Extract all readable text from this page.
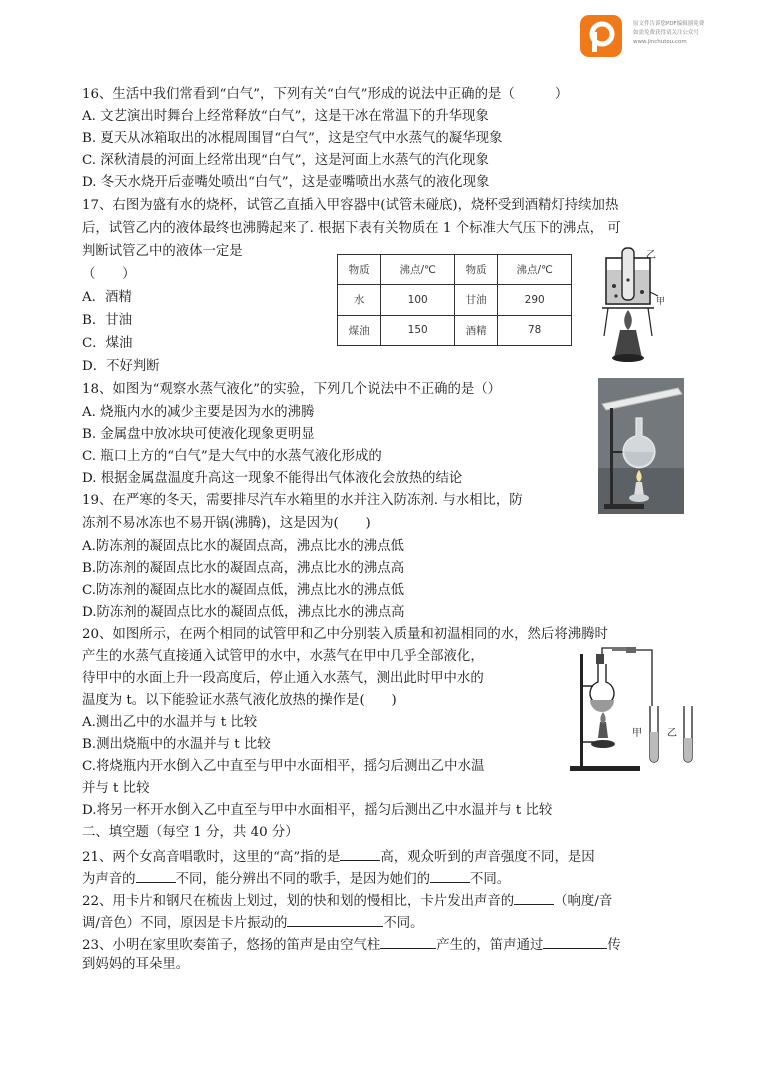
原文件告诉您PDF编辑器免费
如需免费获得请关注公众号
www.jinchutou.com
16、生活中我们常看到“白气”，下列有关“白气”形成的说法中正确的是（　　　）
A. 文艺演出时舞台上经常释放“白气”，这是干冰在常温下的升华现象
B. 夏天从冰箱取出的冰棍周围冒“白气”，这是空气中水蒸气的凝华现象
C. 深秋清晨的河面上经常出现“白气”，这是河面上水蒸气的汽化现象
D. 冬天水烧开后壶嘴处喷出“白气”，这是壶嘴喷出水蒸气的液化现象
17、右图为盛有水的烧杯，试管乙直插入甲容器中(试管未碰底)，烧杯受到酒精灯持续加热
后，试管乙内的液体最终也沸腾起来了. 根据下表有关物质在 1 个标准大气压下的沸点， 可
判断试管乙中的液体一定是
（　　）
A．酒精
B．甘油
C．煤油
D．不好判断
18、如图为“观察水蒸气液化”的实验，下列几个说法中不正确的是（）
A. 烧瓶内水的减少主要是因为水的沸腾
B. 金属盘中放冰块可使液化现象更明显
C. 瓶口上方的“白气”是大气中的水蒸气液化形成的
D. 根据金属盘温度升高这一现象不能得出气体液化会放热的结论
19、在严寒的冬天，需要排尽汽车水箱里的水并注入防冻剂. 与水相比，防
冻剂不易冰冻也不易开锅(沸腾)，这是因为(　　)
A.防冻剂的凝固点比水的凝固点高，沸点比水的沸点低
B.防冻剂的凝固点比水的凝固点高，沸点比水的沸点高
C.防冻剂的凝固点比水的凝固点低，沸点比水的沸点低
D.防冻剂的凝固点比水的凝固点低，沸点比水的沸点高
20、如图所示，在两个相同的试管甲和乙中分别装入质量和初温相同的水，然后将沸腾时
产生的水蒸气直接通入试管甲的水中，水蒸气在甲中几乎全部液化，
待甲中的水面上升一段高度后，停止通入水蒸气，测出此时甲中水的
温度为 t。以下能验证水蒸气液化放热的操作是(　　)
A.测出乙中的水温并与 t 比较
B.测出烧瓶中的水温并与 t 比较
C.将烧瓶内开水倒入乙中直至与甲中水面相平，摇匀后测出乙中水温
并与 t 比较
D.将另一杯开水倒入乙中直至与甲中水面相平，摇匀后测出乙中水温并与 t 比较
二、填空题（每空 1 分，共 40 分）
21、两个女高音唱歌时，这里的“高”指的是	高，观众听到的声音强度不同，是因
为声音的	不同，能分辨出不同的歌手，是因为她们的	不同。
22、用卡片和钢尺在梳齿上划过，划的快和划的慢相比，卡片发出声音的	（响度/音
调/音色）不同，原因是卡片振动的	不同。
23、小明在家里吹奏笛子，悠扬的笛声是由空气柱	产生的，笛声通过	传
到妈妈的耳朵里。
物质	沸点/℃	物质	沸点/℃
水	100	甘油	290
煤油	150	酒精	78
乙
甲
甲	乙
